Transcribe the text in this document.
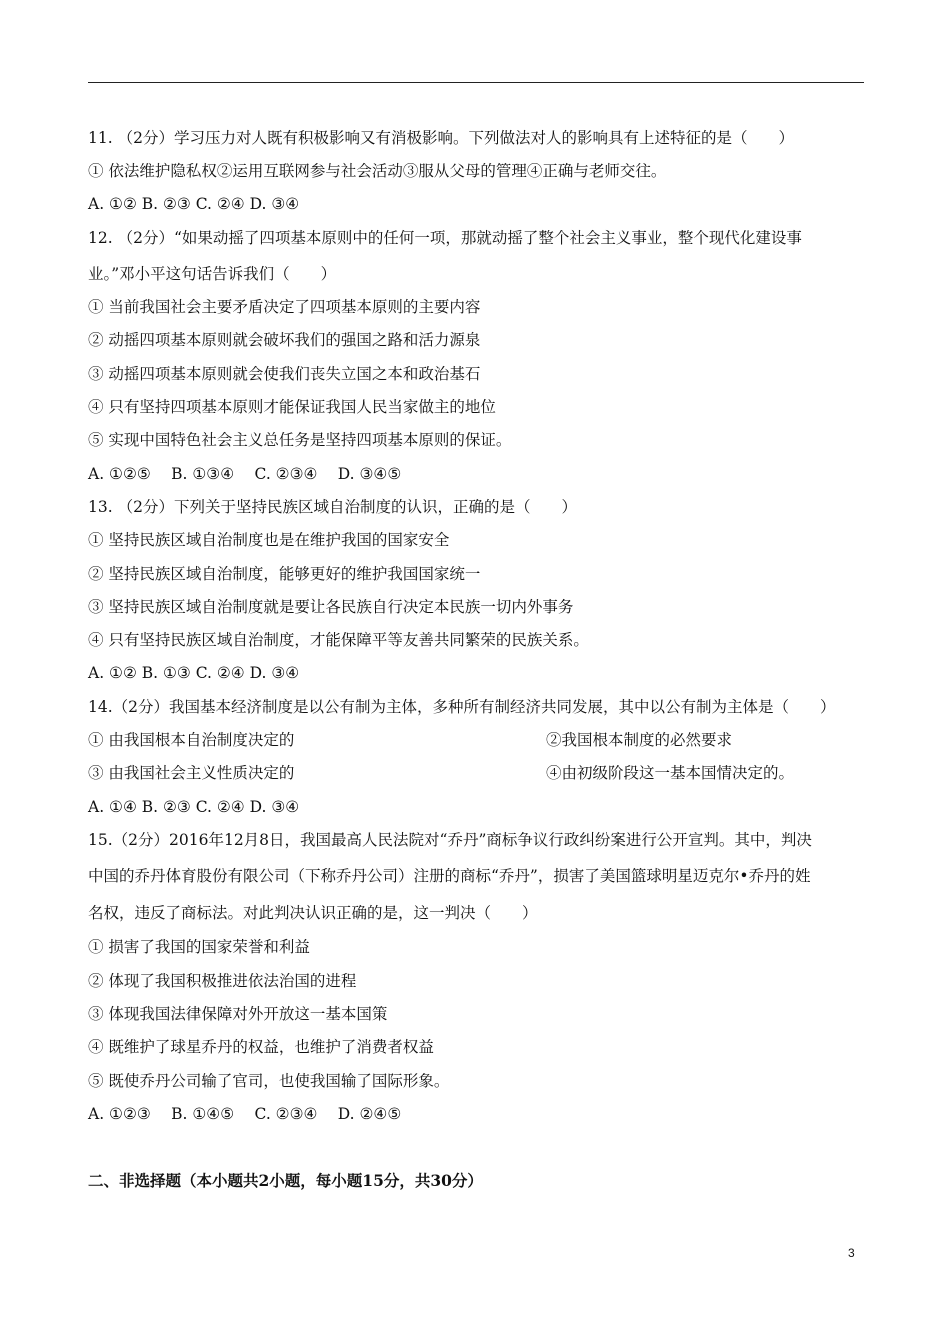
11. （2分）学习压力对人既有积极影响又有消极影响。下列做法对人的影响具有上述特征的是（　　）
① 依法维护隐私权②运用互联网参与社会活动③服从父母的管理④正确与老师交往。
A. ①② B. ②③ C. ②④ D. ③④
12. （2分）“如果动摇了四项基本原则中的任何一项，那就动摇了整个社会主义事业，整个现代化建设事
业。”邓小平这句话告诉我们（　　）
① 当前我国社会主要矛盾决定了四项基本原则的主要内容
② 动摇四项基本原则就会破坏我们的强国之路和活力源泉
③ 动摇四项基本原则就会使我们丧失立国之本和政治基石
④ 只有坚持四项基本原则才能保证我国人民当家做主的地位
⑤ 实现中国特色社会主义总任务是坚持四项基本原则的保证。
A. ①②⑤　 B. ①③④　 C. ②③④　 D. ③④⑤
13. （2分）下列关于坚持民族区域自治制度的认识，正确的是（　　）
① 坚持民族区域自治制度也是在维护我国的国家安全
② 坚持民族区域自治制度，能够更好的维护我国国家统一
③ 坚持民族区域自治制度就是要让各民族自行决定本民族一切内外事务
④ 只有坚持民族区域自治制度，才能保障平等友善共同繁荣的民族关系。
A. ①② B. ①③ C. ②④ D. ③④
14.（2分）我国基本经济制度是以公有制为主体，多种所有制经济共同发展，其中以公有制为主体是（　　）
① 由我国根本自治制度决定的	②我国根本制度的必然要求
③ 由我国社会主义性质决定的	④由初级阶段这一基本国情决定的。
A. ①④ B. ②③ C. ②④ D. ③④
15.（2分）2016年12月8日，我国最高人民法院对“乔丹”商标争议行政纠纷案进行公开宣判。其中，判决
中国的乔丹体育股份有限公司（下称乔丹公司）注册的商标“乔丹”，损害了美国篮球明星迈克尔•乔丹的姓
名权，违反了商标法。对此判决认识正确的是，这一判决（　　）
① 损害了我国的国家荣誉和利益
② 体现了我国积极推进依法治国的进程
③ 体现我国法律保障对外开放这一基本国策
④ 既维护了球星乔丹的权益，也维护了消费者权益
⑤ 既使乔丹公司输了官司，也使我国输了国际形象。
A. ①②③　 B. ①④⑤　 C. ②③④　 D. ②④⑤
二、非选择题（本小题共2小题，每小题15分，共30分）
3
